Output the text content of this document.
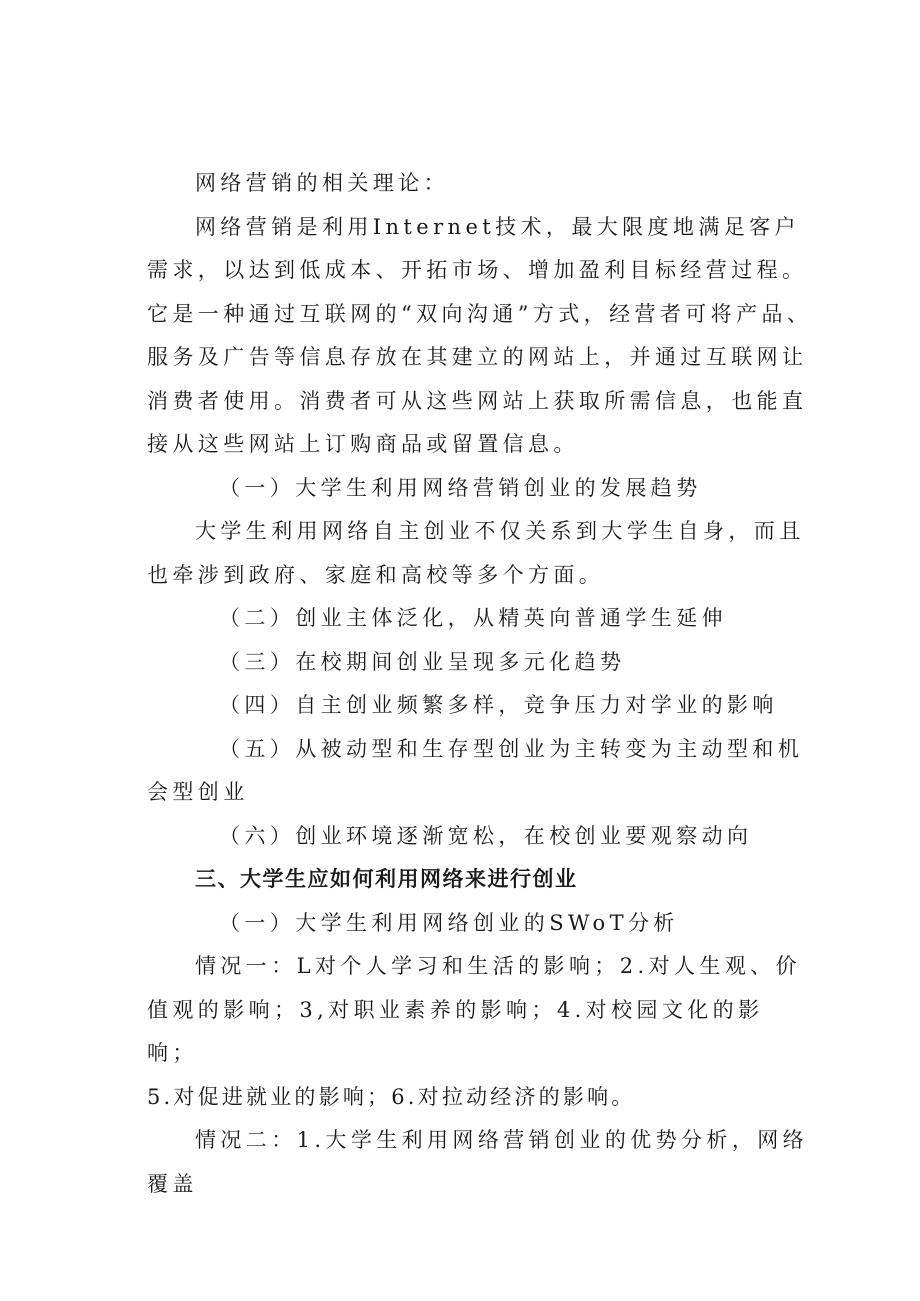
网络营销的相关理论：

网络营销是利用Internet技术，最大限度地满足客户需求，以达到低成本、开拓市场、增加盈利目标经营过程。它是一种通过互联网的“双向沟通”方式，经营者可将产品、服务及广告等信息存放在其建立的网站上，并通过互联网让消费者使用。消费者可从这些网站上获取所需信息，也能直接从这些网站上订购商品或留置信息。

（一）大学生利用网络营销创业的发展趋势

大学生利用网络自主创业不仅关系到大学生自身，而且也牵涉到政府、家庭和高校等多个方面。

（二）创业主体泛化，从精英向普通学生延伸

（三）在校期间创业呈现多元化趋势

（四）自主创业频繁多样，竞争压力对学业的影响

（五）从被动型和生存型创业为主转变为主动型和机会型创业

（六）创业环境逐渐宽松，在校创业要观察动向

三、大学生应如何利用网络来进行创业

（一）大学生利用网络创业的SWoT分析

情况一：L对个人学习和生活的影响；2.对人生观、价值观的影响；3,对职业素养的影响；4.对校园文化的影响；

5.对促进就业的影响；6.对拉动经济的影响。

情况二：1.大学生利用网络营销创业的优势分析，网络覆盖
